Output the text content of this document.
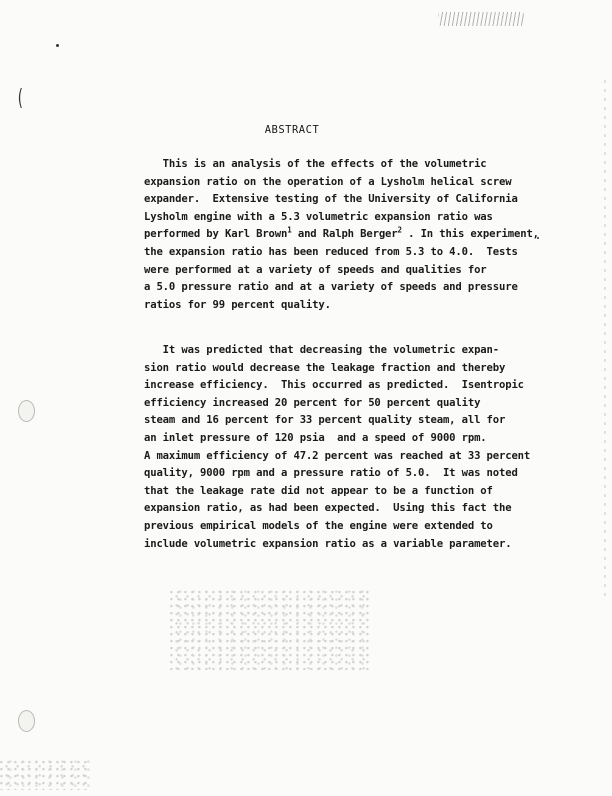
(
ABSTRACT
This is an analysis of the effects of the volumetric
expansion ratio on the operation of a Lysholm helical screw
expander.  Extensive testing of the University of California
Lysholm engine with a 5.3 volumetric expansion ratio was
performed by Karl Brown$^1$ and Ralph Berger$^2$ . In this experiment,
the expansion ratio has been reduced from 5.3 to 4.0.  Tests
were performed at a variety of speeds and qualities for
a 5.0 pressure ratio and at a variety of speeds and pressure
ratios for 99 percent quality.
It was predicted that decreasing the volumetric expan-
sion ratio would decrease the leakage fraction and thereby
increase efficiency.  This occurred as predicted.  Isentropic
efficiency increased 20 percent for 50 percent quality
steam and 16 percent for 33 percent quality steam, all for
an inlet pressure of 120 psia  and a speed of 9000 rpm.
A maximum efficiency of 47.2 percent was reached at 33 percent
quality, 9000 rpm and a pressure ratio of 5.0.  It was noted
that the leakage rate did not appear to be a function of
expansion ratio, as had been expected.  Using this fact the
previous empirical models of the engine were extended to
include volumetric expansion ratio as a variable parameter.
